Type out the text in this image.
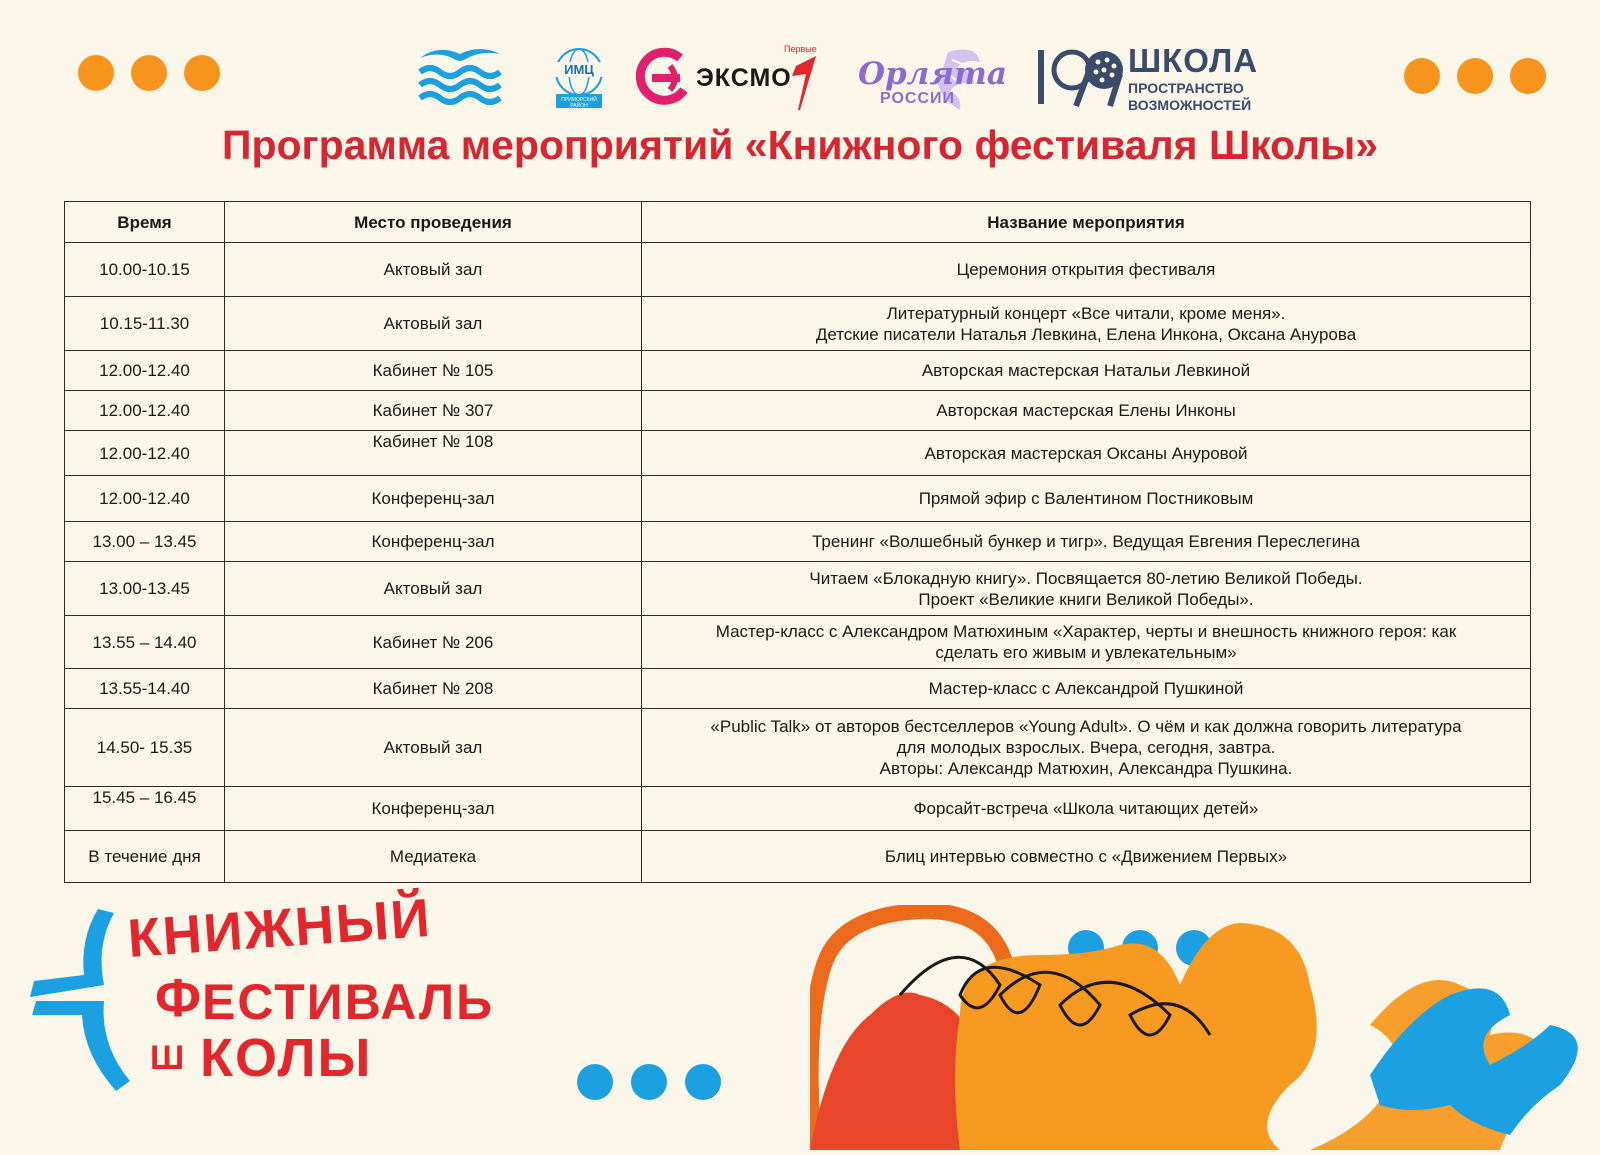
ИМЦ
ПРИМОРСКИЙ РАЙОН
ЭКСМО
Первые
Орлята
РОССИИ
ШКОЛА
ПРОСТРАНСТВО
ВОЗМОЖНОСТЕЙ
Программа мероприятий «Книжного фестиваля Школы»
Время	Место проведения	Название мероприятия
10.00-10.15	Актовый зал	Церемония открытия фестиваля

10.15-11.30	Актовый зал	Литературный концерт «Все читали, кроме меня».
Детские писатели Наталья Левкина, Елена Инкона, Оксана Анурова

12.00-12.40	Кабинет № 105	Авторская мастерская Натальи Левкиной

12.00-12.40	Кабинет № 307	Авторская мастерская Елены Инконы

12.00-12.40	Кабинет № 108	Авторская мастерская Оксаны Ануровой

12.00-12.40	Конференц-зал	Прямой эфир с Валентином Постниковым

13.00 – 13.45	Конференц-зал	Тренинг «Волшебный бункер и тигр». Ведущая Евгения Переслегина

13.00-13.45	Актовый зал	Читаем «Блокадную книгу». Посвящается 80-летию Великой Победы.
Проект «Великие книги Великой Победы».

13.55 – 14.40	Кабинет № 206	Мастер-класс с Александром Матюхиным «Характер, черты и внешность книжного героя: как
сделать его живым и увлекательным»

13.55-14.40	Кабинет № 208	Мастер-класс с Александрой Пушкиной

14.50- 15.35	Актовый зал	«Public Talk» от авторов бестселлеров «Young Adult». О чём и как должна говорить литература
для молодых взрослых. Вчера, сегодня, завтра.
Авторы: Александр Матюхин, Александра Пушкина.

15.45 – 16.45	Конференц-зал	Форсайт-встреча «Школа читающих детей»

В течение дня	Медиатека	Блиц интервью совместно с «Движением Первых»
КНИЖНЫЙ
Ф ЕСТИВАЛЬ
Ш КОЛЫ
